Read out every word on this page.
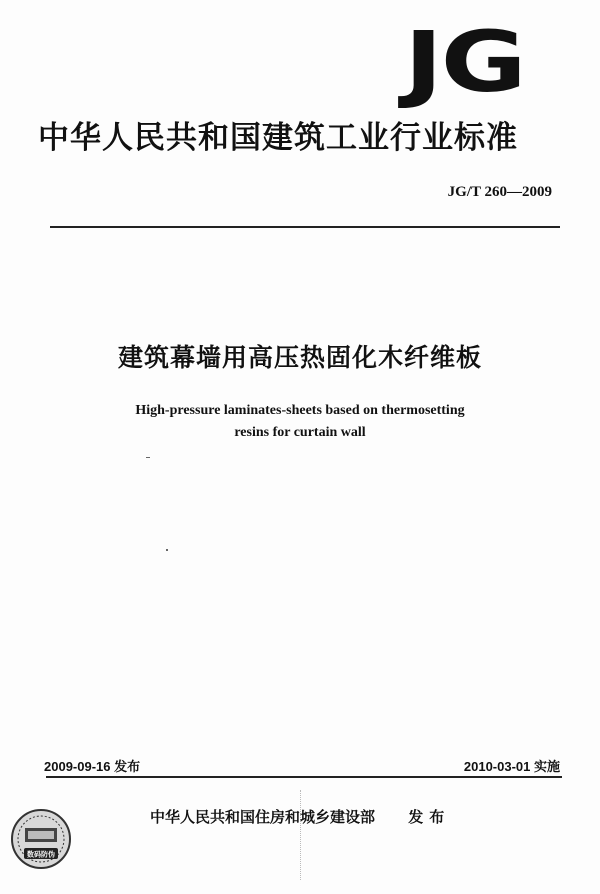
JG
中华人民共和国建筑工业行业标准
JG/T 260—2009
建筑幕墙用高压热固化木纤维板
High-pressure laminates-sheets based on thermosetting
resins for curtain wall
2009-09-16 发布	2010-03-01 实施
中华人民共和国住房和城乡建设部 发布
数码防伪
